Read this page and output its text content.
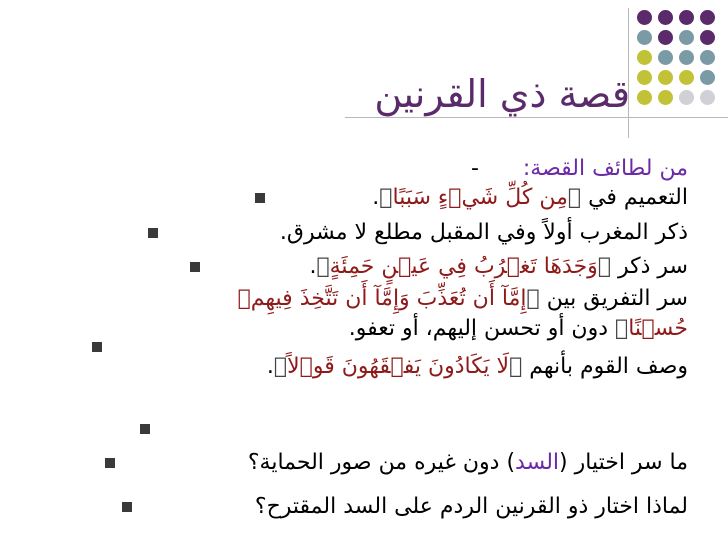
قصة ذي القرنين
من لطائف القصة:  -
التعميم في ﴿مِن كُلِّ شَيۡءٍ سَبَبًا﴾.
ذكر المغرب أولاً وفي المقبل مطلع لا مشرق.
سر ذكر ﴿وَجَدَهَا تَغۡرُبُ فِي عَيۡنٍ حَمِئَةٍ﴾.
سر التفريق بين ﴿إِمَّآ أَن تُعَذِّبَ وَإِمَّآ أَن تَتَّخِذَ فِيهِمۡ
حُسۡنًا﴾ دون أو تحسن إليهم، أو تعفو.
وصف القوم بأنهم ﴿لَا يَكَادُونَ يَفۡقَهُونَ قَوۡلاً﴾.
ما سر اختيار (السد) دون غيره من صور الحماية؟
لماذا اختار ذو القرنين الردم على السد المقترح؟
